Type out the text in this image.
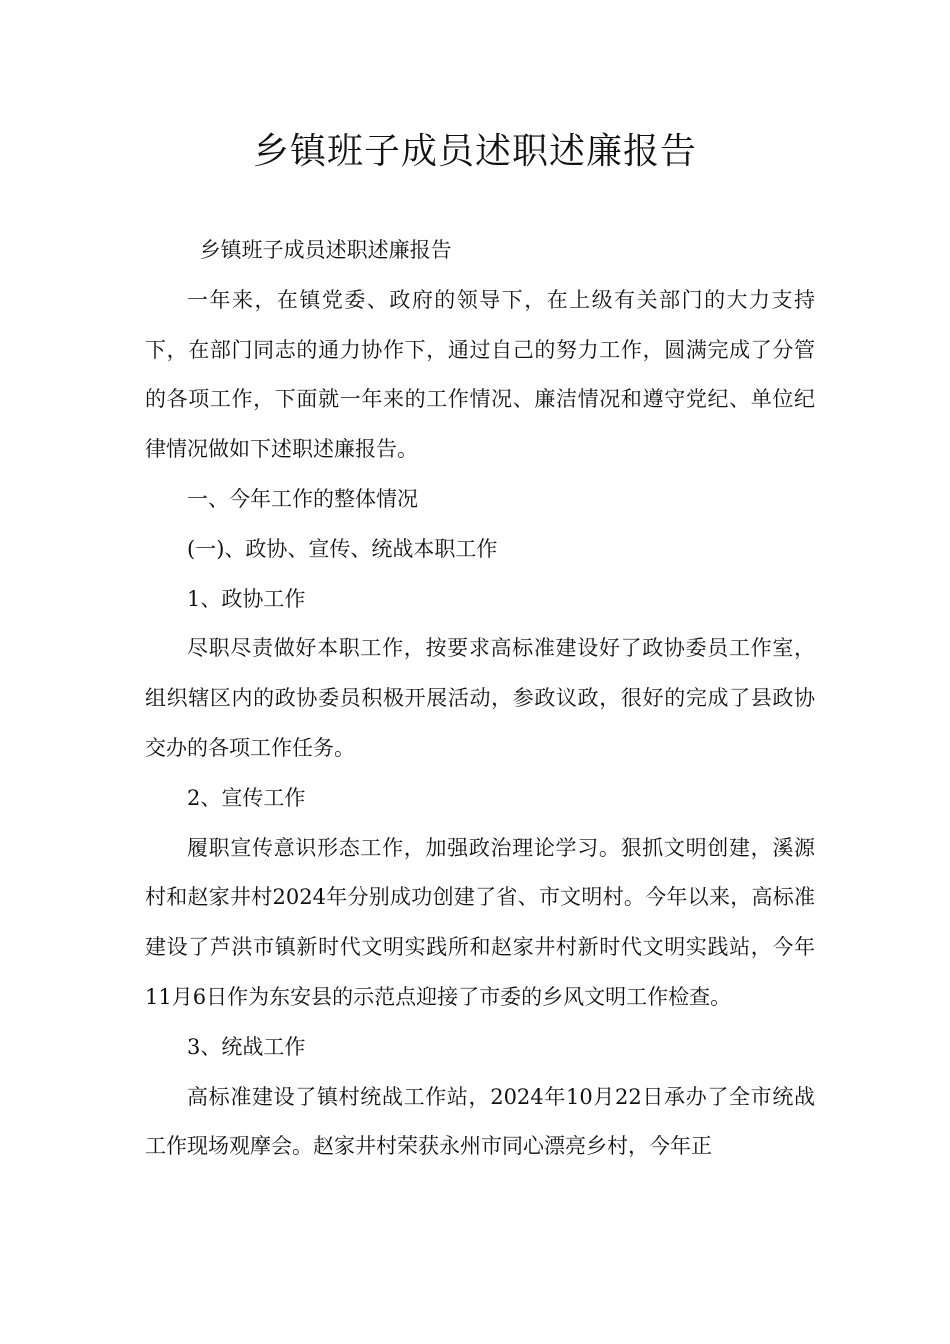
乡镇班子成员述职述廉报告

乡镇班子成员述职述廉报告

一年来，在镇党委、政府的领导下，在上级有关部门的大力支持下，在部门同志的通力协作下，通过自己的努力工作，圆满完成了分管的各项工作，下面就一年来的工作情况、廉洁情况和遵守党纪、单位纪律情况做如下述职述廉报告。

一、今年工作的整体情况

(一)、政协、宣传、统战本职工作

1、政协工作

尽职尽责做好本职工作，按要求高标准建设好了政协委员工作室，组织辖区内的政协委员积极开展活动，参政议政，很好的完成了县政协交办的各项工作任务。

2、宣传工作

履职宣传意识形态工作，加强政治理论学习。狠抓文明创建，溪源村和赵家井村2024年分别成功创建了省、市文明村。今年以来，高标准建设了芦洪市镇新时代文明实践所和赵家井村新时代文明实践站，今年11月6日作为东安县的示范点迎接了市委的乡风文明工作检查。

3、统战工作

高标准建设了镇村统战工作站，2024年10月22日承办了全市统战工作现场观摩会。赵家井村荣获永州市同心漂亮乡村，今年正
